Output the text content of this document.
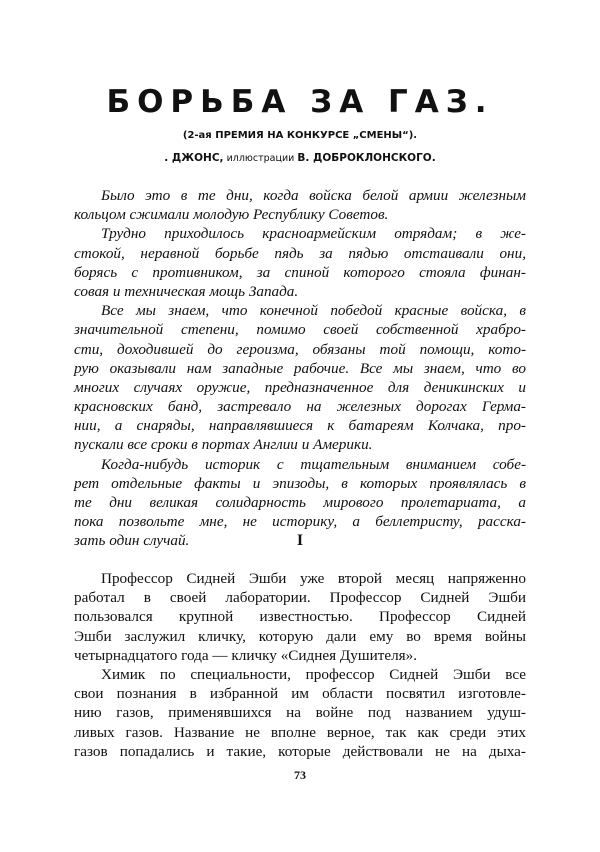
БОРЬБА ЗА ГАЗ.
(2-ая ПРЕМИЯ НА КОНКУРСЕ „СМЕНЫ“).
. ДЖОНС, иллюстрации В. ДОБРОКЛОНСКОГО.
Было это в те дни, когда войска белой армии железным
кольцом сжимали молодую Республику Советов.
Трудно приходилось красноармейским отрядам; в же-
стокой, неравной борьбе пядь за пядью отстаивали они,
борясь с противником, за спиной которого стояла финан-
совая и техническая мощь Запада.
Все мы знаем, что конечной победой красные войска, в
значительной степени, помимо своей собственной храбро-
сти, доходившей до героизма, обязаны той помощи, кото-
рую оказывали нам западные рабочие. Все мы знаем, что во
многих случаях оружие, предназначенное для деникинских и
красновских банд, застревало на железных дорогах Герма-
нии, а снаряды, направлявшиеся к батареям Колчака, про-
пускали все сроки в портах Англии и Америки.
Когда-нибудь историк с тщательным вниманием собе-
рет отдельные факты и эпизоды, в которых проявлялась в
те дни великая солидарность мирового пролетариата, а
пока позвольте мне, не историку, а беллетристу, расска-
зать один случай.	I
Профессор Сидней Эшби уже второй месяц напряженно
работал в своей лаборатории. Профессор Сидней Эшби
пользовался крупной известностью. Профессор Сидней
Эшби заслужил кличку, которую дали ему во время войны
четырнадцатого года — кличку «Сиднея Душителя».
Химик по специальности, профессор Сидней Эшби все
свои познания в избранной им области посвятил изготовле-
нию газов, применявшихся на войне под названием удуш-
ливых газов. Название не вполне верное, так как среди этих
газов попадались и такие, которые действовали не на дыха-
73
